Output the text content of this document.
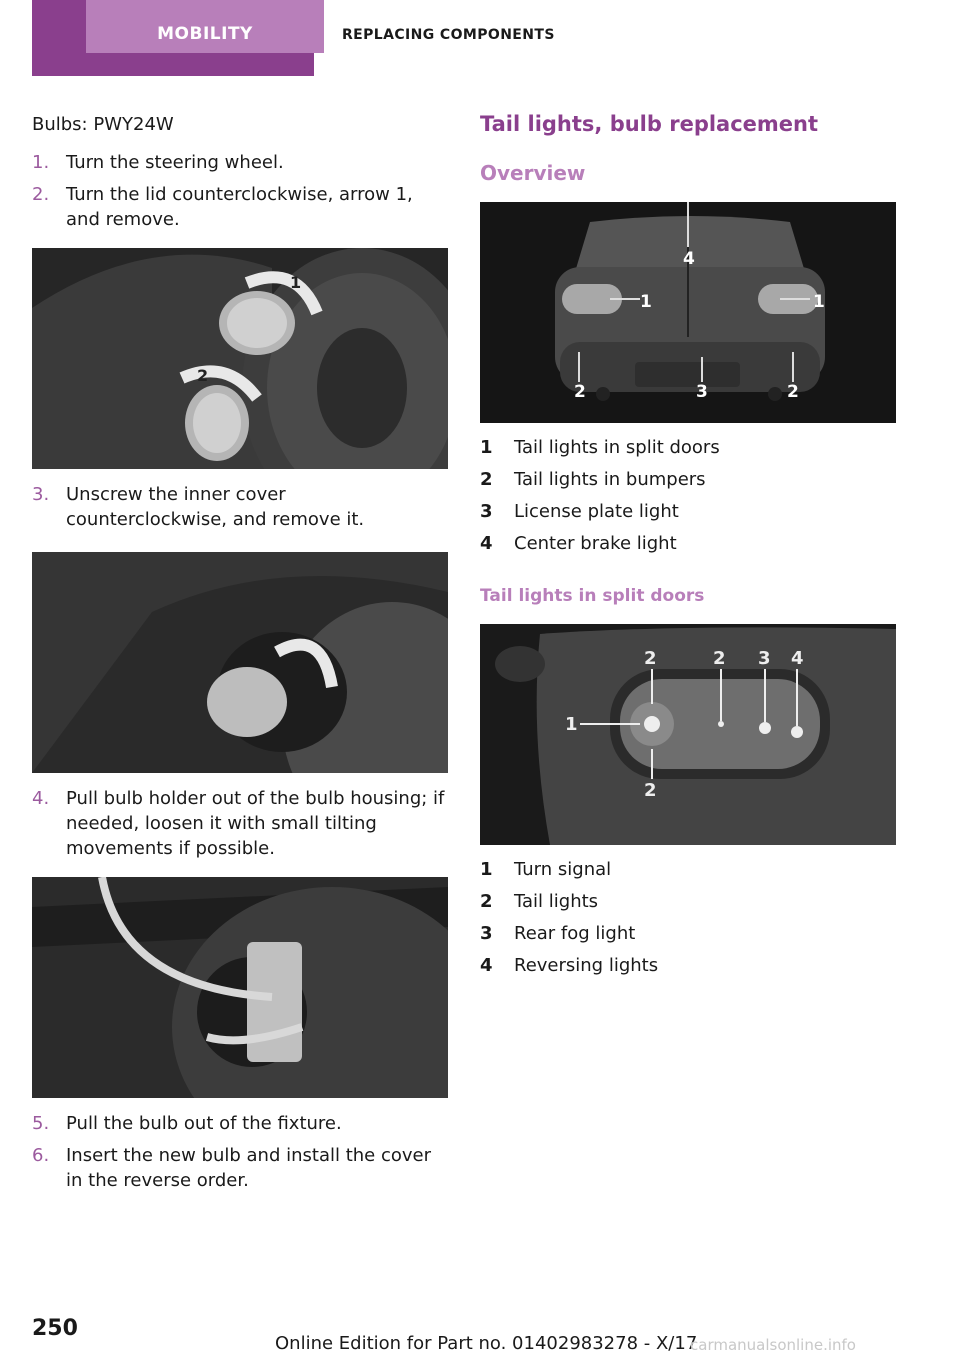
MOBILITY	REPLACING COMPONENTS

Bulbs: PWY24W

1. Turn the steering wheel.
2. Turn the lid counterclockwise, arrow 1, and remove.
1
2
3. Unscrew the inner cover counterclockwise, and remove it.
4. Pull bulb holder out of the bulb housing; if needed, loosen it with small tilting movements if possible.
5. Pull the bulb out of the fixture.
6. Insert the new bulb and install the cover in the reverse order.
Tail lights, bulb replacement
Overview
4
1	1
2	3	2
1 Tail lights in split doors
2 Tail lights in bumpers
3 License plate light
4 Center brake light
Tail lights in split doors
2	2 3 4
1
2
1 Turn signal
2 Tail lights
3 Rear fog light
4 Reversing lights
250
Online Edition for Part no. 01402983278 - X/17
carmanualsonline.info
